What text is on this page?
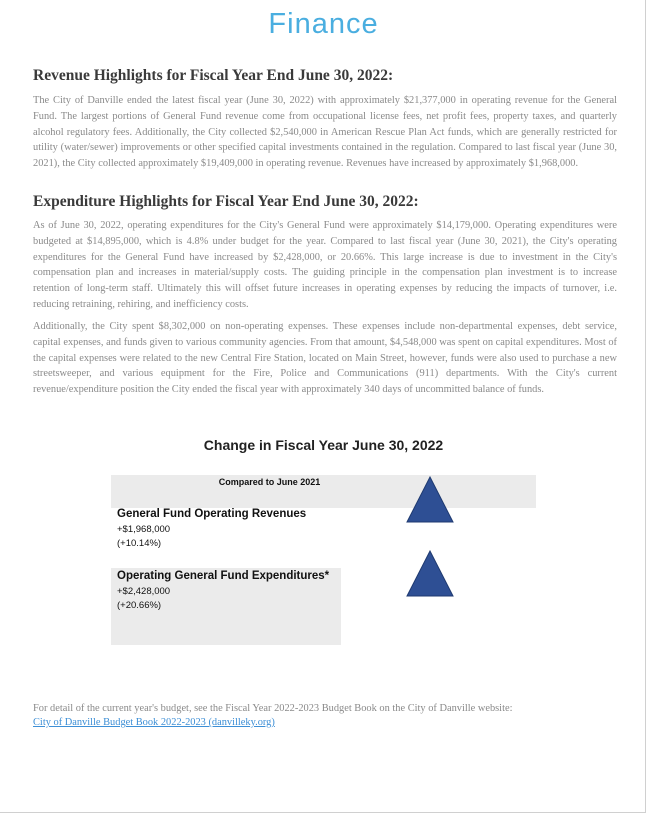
Finance
Revenue Highlights for Fiscal Year End June 30, 2022:

The City of Danville ended the latest fiscal year (June 30, 2022) with approximately $21,377,000 in operating revenue for the General Fund. The largest portions of General Fund revenue come from occupational license fees, net profit fees, property taxes, and quarterly alcohol regulatory fees. Additionally, the City collected $2,540,000 in American Rescue Plan Act funds, which are generally restricted for utility (water/sewer) improvements or other specified capital investments contained in the regulation. Compared to last fiscal year (June 30, 2021), the City collected approximately $19,409,000 in operating revenue. Revenues have increased by approximately $1,968,000.

Expenditure Highlights for Fiscal Year End June 30, 2022:

As of June 30, 2022, operating expenditures for the City's General Fund were approximately $14,179,000. Operating expenditures were budgeted at $14,895,000, which is 4.8% under budget for the year. Compared to last fiscal year (June 30, 2021), the City's operating expenditures for the General Fund have increased by $2,428,000, or 20.66%. This large increase is due to investment in the City's compensation plan and increases in material/supply costs. The guiding principle in the compensation plan investment is to increase retention of long-term staff. Ultimately this will offset future increases in operating expenses by reducing the impacts of turnover, i.e. reducing retraining, rehiring, and inefficiency costs.

Additionally, the City spent $8,302,000 on non-operating expenses. These expenses include non-departmental expenses, debt service, capital expenses, and funds given to various community agencies. From that amount, $4,548,000 was spent on capital expenditures. Most of the capital expenses were related to the new Central Fire Station, located on Main Street, however, funds were also used to purchase a new streetsweeper, and various equipment for the Fire, Police and Communications (911) departments. With the City's current revenue/expenditure position the City ended the fiscal year with approximately 340 days of uncommitted balance of funds.

Change in Fiscal Year June 30, 2022
Compared to June 2021
General Fund Operating Revenues
+$1,968,000
(+10.14%)
Operating General Fund Expenditures*
+$2,428,000
(+20.66%)
For detail of the current year's budget, see the Fiscal Year 2022-2023 Budget Book on the City of Danville website:
City of Danville Budget Book 2022-2023 (danvilleky.org)
